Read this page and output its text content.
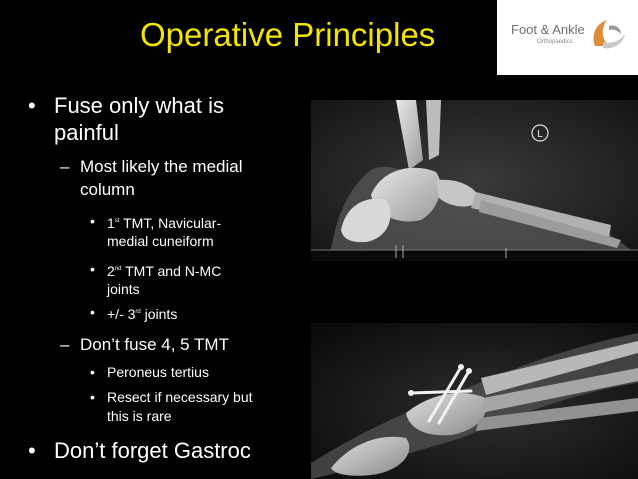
Operative Principles	Foot & Ankle
Orthopaedics
• Fuse only what is
painful
– Most likely the medial
column
• 1st TMT, Navicular-
medial cuneiform
• 2nd TMT and N-MC
joints
• +/- 3rd joints
– Don’t fuse 4, 5 TMT
• Peroneus tertius
• Resect if necessary but
this is rare
• Don’t forget Gastroc
L
